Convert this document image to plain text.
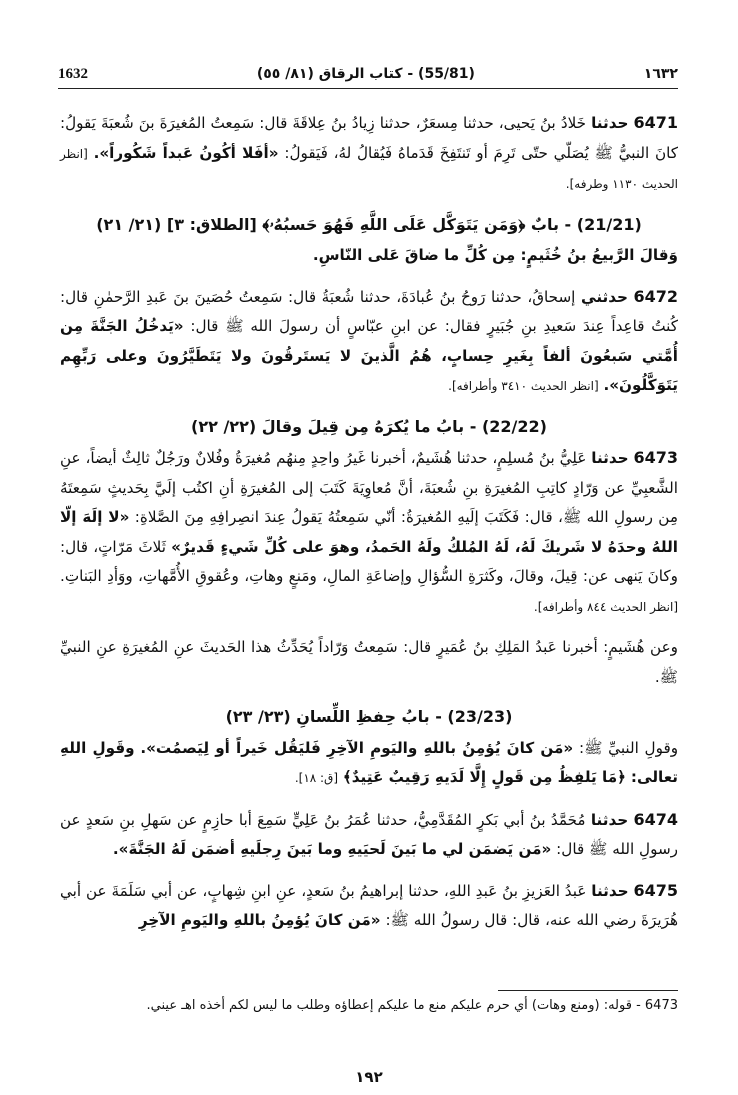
1632	(55/81) - كتاب الرقاق (٨١/ ٥٥)	١٦٣٢

6471 حدثنا خَلادُ بنُ يَحيى، حدثنا مِسعَرٌ، حدثنا زِيادُ بنُ عِلاقَةَ قال: سَمِعتُ المُغيرَةَ بنَ شُعبَةَ يَقولُ: كانَ النبيُّ ﷺ يُصَلّي حتّى تَرِمَ أو تَنتَفِخَ قَدَماهُ فَيُقالُ لهُ، فَيَقولُ: «أفَلا أكُونُ عَبداً شَكُوراً». [انظر الحديث ١١٣٠ وطرفه].

(21/21) - بابٌ ﴿وَمَن يَتَوَكَّل عَلَى اللَّهِ فَهُوَ حَسبُهُۥ﴾ [الطلاق: ٣] (٢١/ ٢١)

وَقالَ الرَّبيعُ بنُ خُثَيمٍ: مِن كُلِّ ما ضاقَ عَلى النّاسِ.

6472 حدثني إسحاقُ، حدثنا رَوحُ بنُ عُبادَةَ، حدثنا شُعبَةُ قال: سَمِعتُ حُصَينَ بنَ عَبدِ الرَّحمٰنِ قال: كُنتُ قاعِداً عِندَ سَعيدِ بنِ جُبَيرٍ فقال: عن ابنِ عبّاسٍ أن رسولَ الله ﷺ قال: «يَدخُلُ الجَنَّةَ مِن أُمَّتي سَبعُونَ ألفاً بِغَيرِ حِسابٍ، هُمُ الَّذينَ لا يَستَرقُونَ ولا يَتَطَيَّرُونَ وعلى رَبِّهِم يَتَوَكَّلُونَ». [انظر الحديث ٣٤١٠ وأطرافه].

(22/22) - بابُ ما يُكرَهُ مِن قِيلَ وقالَ (٢٢/ ٢٢)

6473 حدثنا عَلِيُّ بنُ مُسلِمٍ، حدثنا هُشَيمٌ، أخبرنا غَيرُ واحِدٍ مِنهُم مُغيرَةُ وفُلانٌ ورَجُلٌ ثالِثٌ أيضاً، عنِ الشَّعبِيِّ عن وَرّادٍ كاتِبِ المُغيرَةِ بنِ شُعبَةَ، أنَّ مُعاوِيَةَ كَتَبَ إلى المُغيرَةِ أنِ اكتُب إلَيَّ بِحَديثٍ سَمِعتَهُ مِن رسولِ الله ﷺ، قال: فَكَتَبَ إلَيهِ المُغيرَةُ: أنّي سَمِعتُهُ يَقولُ عِندَ انصِرافِهِ مِنَ الصَّلاةِ: «لا إلَهَ إلّا اللهُ وحدَهُ لا شَريكَ لَهُ، لَهُ المُلكُ ولَهُ الحَمدُ، وهوَ على كُلِّ شَيءٍ قَديرٌ» ثَلاثَ مَرّاتٍ، قال: وكانَ يَنهى عن: قِيلَ، وقالَ، وكَثرَةِ السُّؤالِ وإضاعَةِ المالِ، ومَنعٍ وهاتِ، وعُقوقِ الأُمَّهاتِ، ووَأدِ البَناتِ. [انظر الحديث ٨٤٤ وأطرافه].

وعن هُشَيمٍ: أخبرنا عَبدُ المَلِكِ بنُ عُمَيرٍ قال: سَمِعتُ وَرّاداً يُحَدِّثُ هذا الحَديثَ عنِ المُغيرَةِ عنِ النبيِّ ﷺ.

(23/23) - بابُ حِفظِ اللِّسانِ (٢٣/ ٢٣)

وقولِ النبيِّ ﷺ: «مَن كانَ يُؤمِنُ باللهِ واليَومِ الآخِرِ فَليَقُل خَيراً أو لِيَصمُت». وقَولِ اللهِ تعالى: ﴿مَا يَلفِظُ مِن قَولٍ إِلَّا لَدَيهِ رَقِيبٌ عَتِيدٌ﴾ [ق: ١٨].

6474 حدثنا مُحَمَّدُ بنُ أبي بَكرٍ المُقَدَّمِيُّ، حدثنا عُمَرُ بنُ عَلِيٍّ سَمِعَ أبا حازِمٍ عن سَهلِ بنِ سَعدٍ عن رسولِ الله ﷺ قال: «مَن يَضمَن لي ما بَينَ لَحيَيهِ وما بَينَ رِجلَيهِ أضمَن لَهُ الجَنَّةَ».

6475 حدثنا عَبدُ العَزيزِ بنُ عَبدِ اللهِ، حدثنا إبراهيمُ بنُ سَعدٍ، عنِ ابنِ شِهابٍ، عن أبي سَلَمَةَ عن أبي هُرَيرَةَ رضي الله عنه، قال: قال رسولُ الله ﷺ: «مَن كانَ يُؤمِنُ باللهِ واليَومِ الآخِرِ

6473 - قوله: (ومنع وهات) أي حرم عليكم منع ما عليكم إعطاؤه وطلب ما ليس لكم أخذه اهـ عيني.
١٩٢
